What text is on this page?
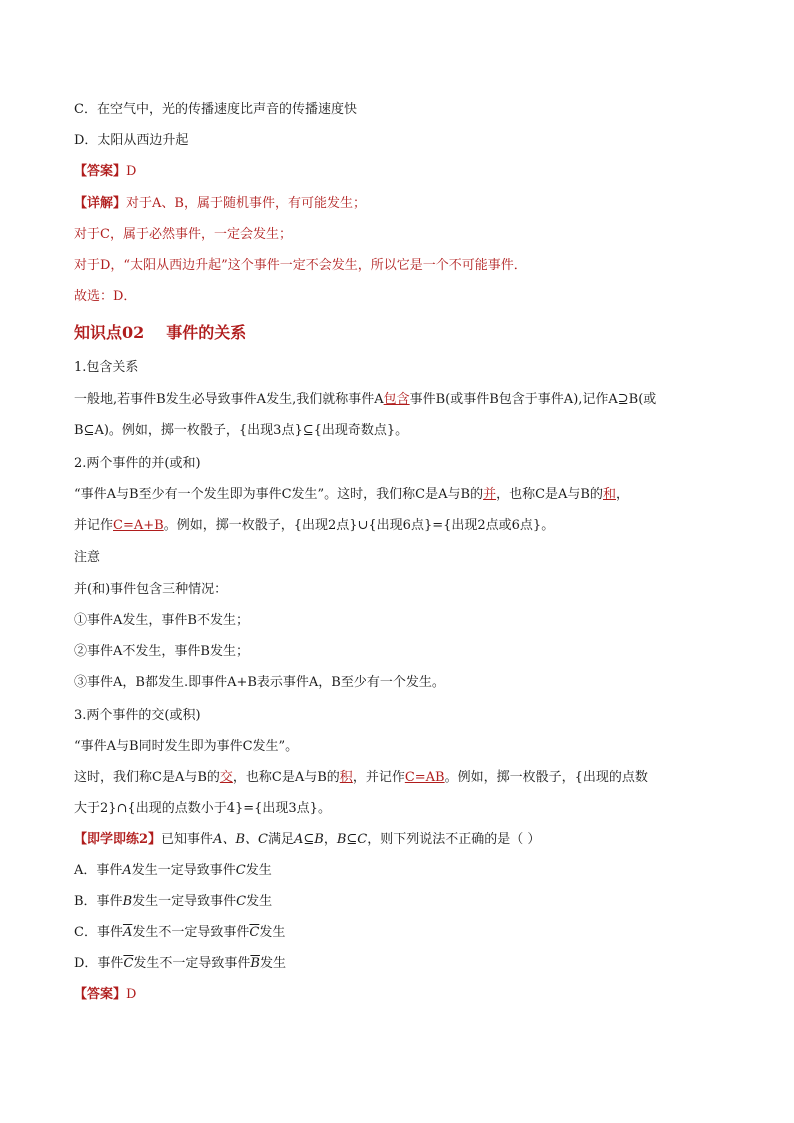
C．在空气中，光的传播速度比声音的传播速度快
D．太阳从西边升起
【答案】D
【详解】对于A、B，属于随机事件，有可能发生；
对于C，属于必然事件，一定会发生；
对于D，“太阳从西边升起”这个事件一定不会发生，所以它是一个不可能事件．
故选：D．
知识点02 事件的关系
1.包含关系
一般地,若事件B发生必导致事件A发生,我们就称事件A包含事件B(或事件B包含于事件A),记作A⊇B(或
B⊆A)。例如，掷一枚骰子，{出现3点}⊆{出现奇数点}。
2.两个事件的并(或和)
“事件A与B至少有一个发生即为事件C发生”。这时，我们称C是A与B的并，也称C是A与B的和，
并记作C=A+B。例如，掷一枚骰子，{出现2点}∪{出现6点}={出现2点或6点}。
注意
并(和)事件包含三种情况：
①事件A发生，事件B不发生；
②事件A不发生，事件B发生；
③事件A，B都发生.即事件A+B表示事件A，B至少有一个发生。
3.两个事件的交(或积)
“事件A与B同时发生即为事件C发生”。
这时，我们称C是A与B的交，也称C是A与B的积，并记作C=AB。例如，掷一枚骰子，{出现的点数
大于2}∩{出现的点数小于4}={出现3点}。
【即学即练2】已知事件A、B、C满足A⊆B，B⊆C，则下列说法不正确的是（ ）
A．事件A发生一定导致事件C发生
B．事件B发生一定导致事件C发生
C．事件$\overline{A}$发生不一定导致事件$\overline{C}$发生
D．事件$\overline{C}$发生不一定导致事件$\overline{B}$发生
【答案】D
